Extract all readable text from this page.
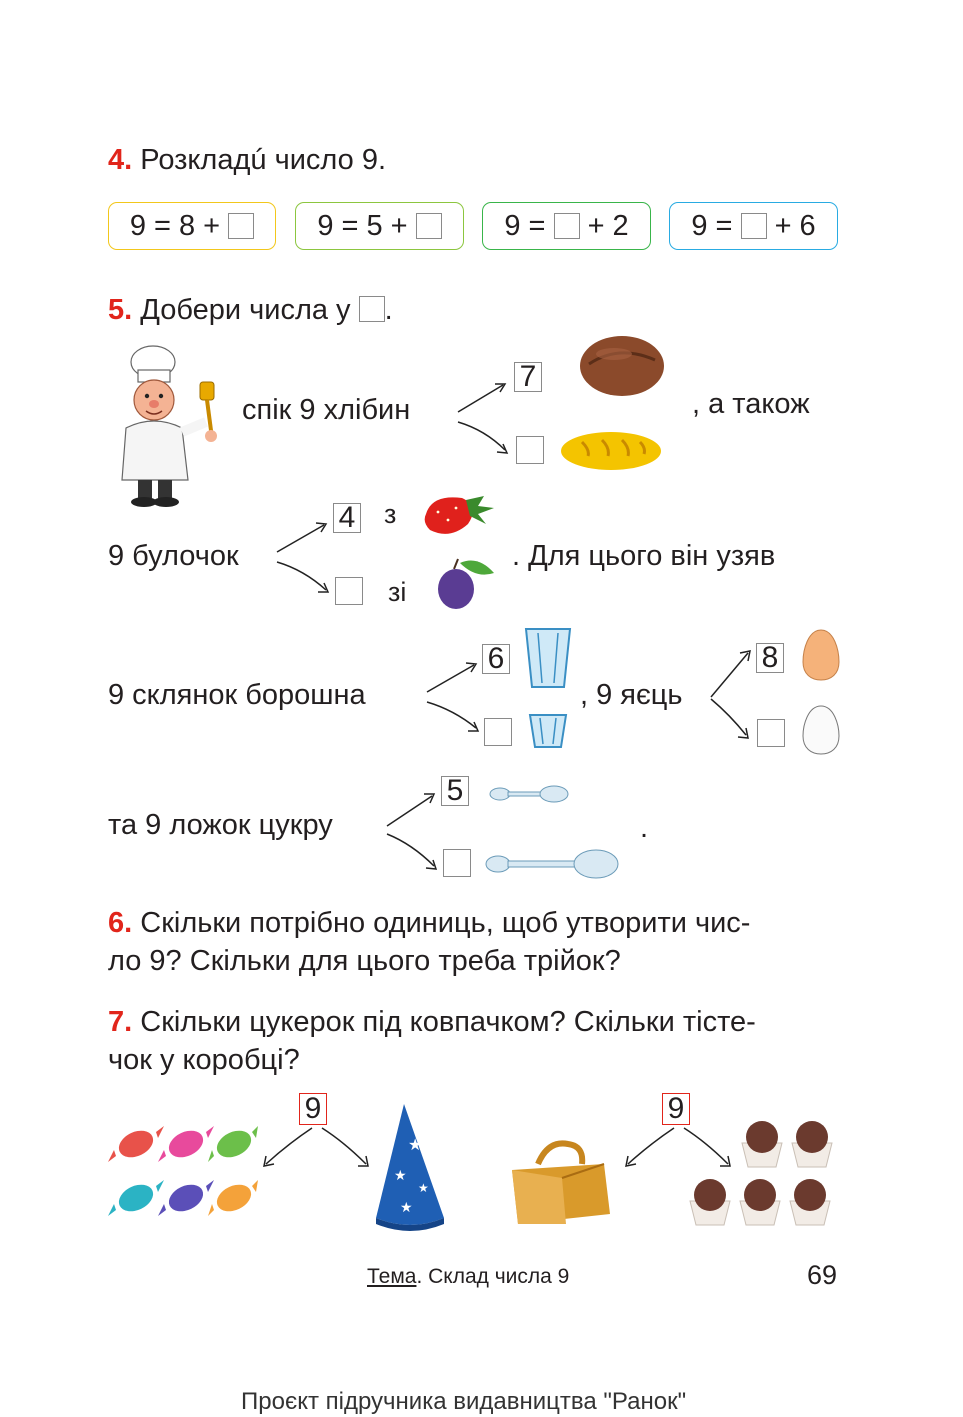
4. Розкладú число 9.
9 = 8 +
	9 = 5 +
	9 =

+ 2 9 =

+ 6
5. Добери числа у .
спік 9 хлібин
7
, а також
9 булочок
4 з
зі
. Для цього він узяв
9 склянок борошна
6
, 9 яєць
8
та 9 ложок цукру
5
.
6. Скільки потрібно одиниць, щоб утворити чис-
ло 9? Скільки для цього треба трійок?
7. Скільки цукерок під ковпачком? Скільки тісте-
чок у коробці?
9	9
★
★
★
★
Тема. Склад числа 9	69
Проєкт підручника видавництва "Ранок"
